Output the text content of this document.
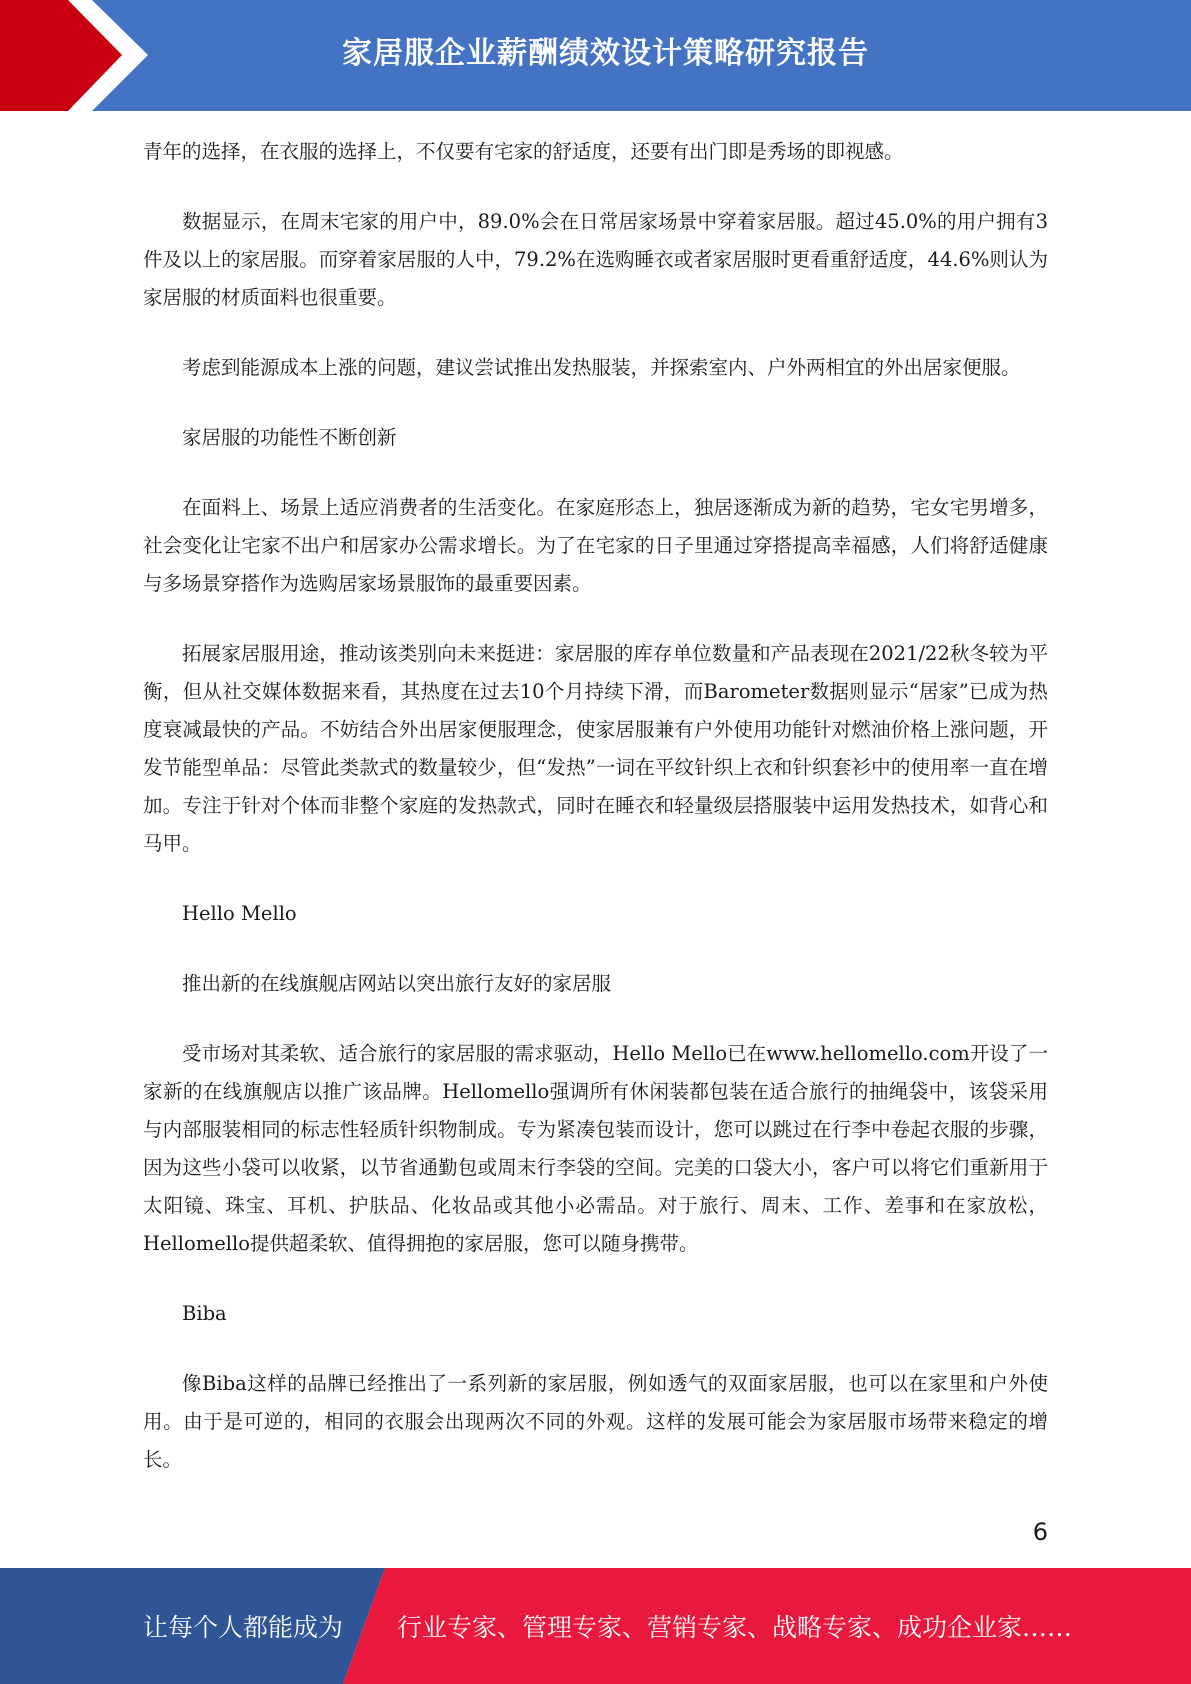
家居服企业薪酬绩效设计策略研究报告

青年的选择，在衣服的选择上，不仅要有宅家的舒适度，还要有出门即是秀场的即视感。

数据显示，在周末宅家的用户中，89.0%会在日常居家场景中穿着家居服。超过45.0%的用户拥有3件及以上的家居服。而穿着家居服的人中，79.2%在选购睡衣或者家居服时更看重舒适度，44.6%则认为家居服的材质面料也很重要。

考虑到能源成本上涨的问题，建议尝试推出发热服装，并探索室内、户外两相宜的外出居家便服。

家居服的功能性不断创新

在面料上、场景上适应消费者的生活变化。在家庭形态上，独居逐渐成为新的趋势，宅女宅男增多，社会变化让宅家不出户和居家办公需求增长。为了在宅家的日子里通过穿搭提高幸福感，人们将舒适健康与多场景穿搭作为选购居家场景服饰的最重要因素。

拓展家居服用途，推动该类别向未来挺进：家居服的库存单位数量和产品表现在2021/22秋冬较为平衡，但从社交媒体数据来看，其热度在过去10个月持续下滑，而Barometer数据则显示“居家”已成为热度衰减最快的产品。不妨结合外出居家便服理念，使家居服兼有户外使用功能针对燃油价格上涨问题，开发节能型单品：尽管此类款式的数量较少，但“发热”一词在平纹针织上衣和针织套衫中的使用率一直在增加。专注于针对个体而非整个家庭的发热款式，同时在睡衣和轻量级层搭服装中运用发热技术，如背心和马甲。

Hello Mello

推出新的在线旗舰店网站以突出旅行友好的家居服

受市场对其柔软、适合旅行的家居服的需求驱动，Hello Mello已在www.hellomello.com开设了一家新的在线旗舰店以推广该品牌。Hellomello强调所有休闲装都包装在适合旅行的抽绳袋中，该袋采用与内部服装相同的标志性轻质针织物制成。专为紧凑包装而设计，您可以跳过在行李中卷起衣服的步骤，因为这些小袋可以收紧，以节省通勤包或周末行李袋的空间。完美的口袋大小，客户可以将它们重新用于太阳镜、珠宝、耳机、护肤品、化妆品或其他小必需品。对于旅行、周末、工作、差事和在家放松，Hellomello提供超柔软、值得拥抱的家居服，您可以随身携带。

Biba

像Biba这样的品牌已经推出了一系列新的家居服，例如透气的双面家居服，也可以在家里和户外使用。由于是可逆的，相同的衣服会出现两次不同的外观。这样的发展可能会为家居服市场带来稳定的增长。

6
让每个人都能成为 行业专家、管理专家、营销专家、战略专家、成功企业家……
